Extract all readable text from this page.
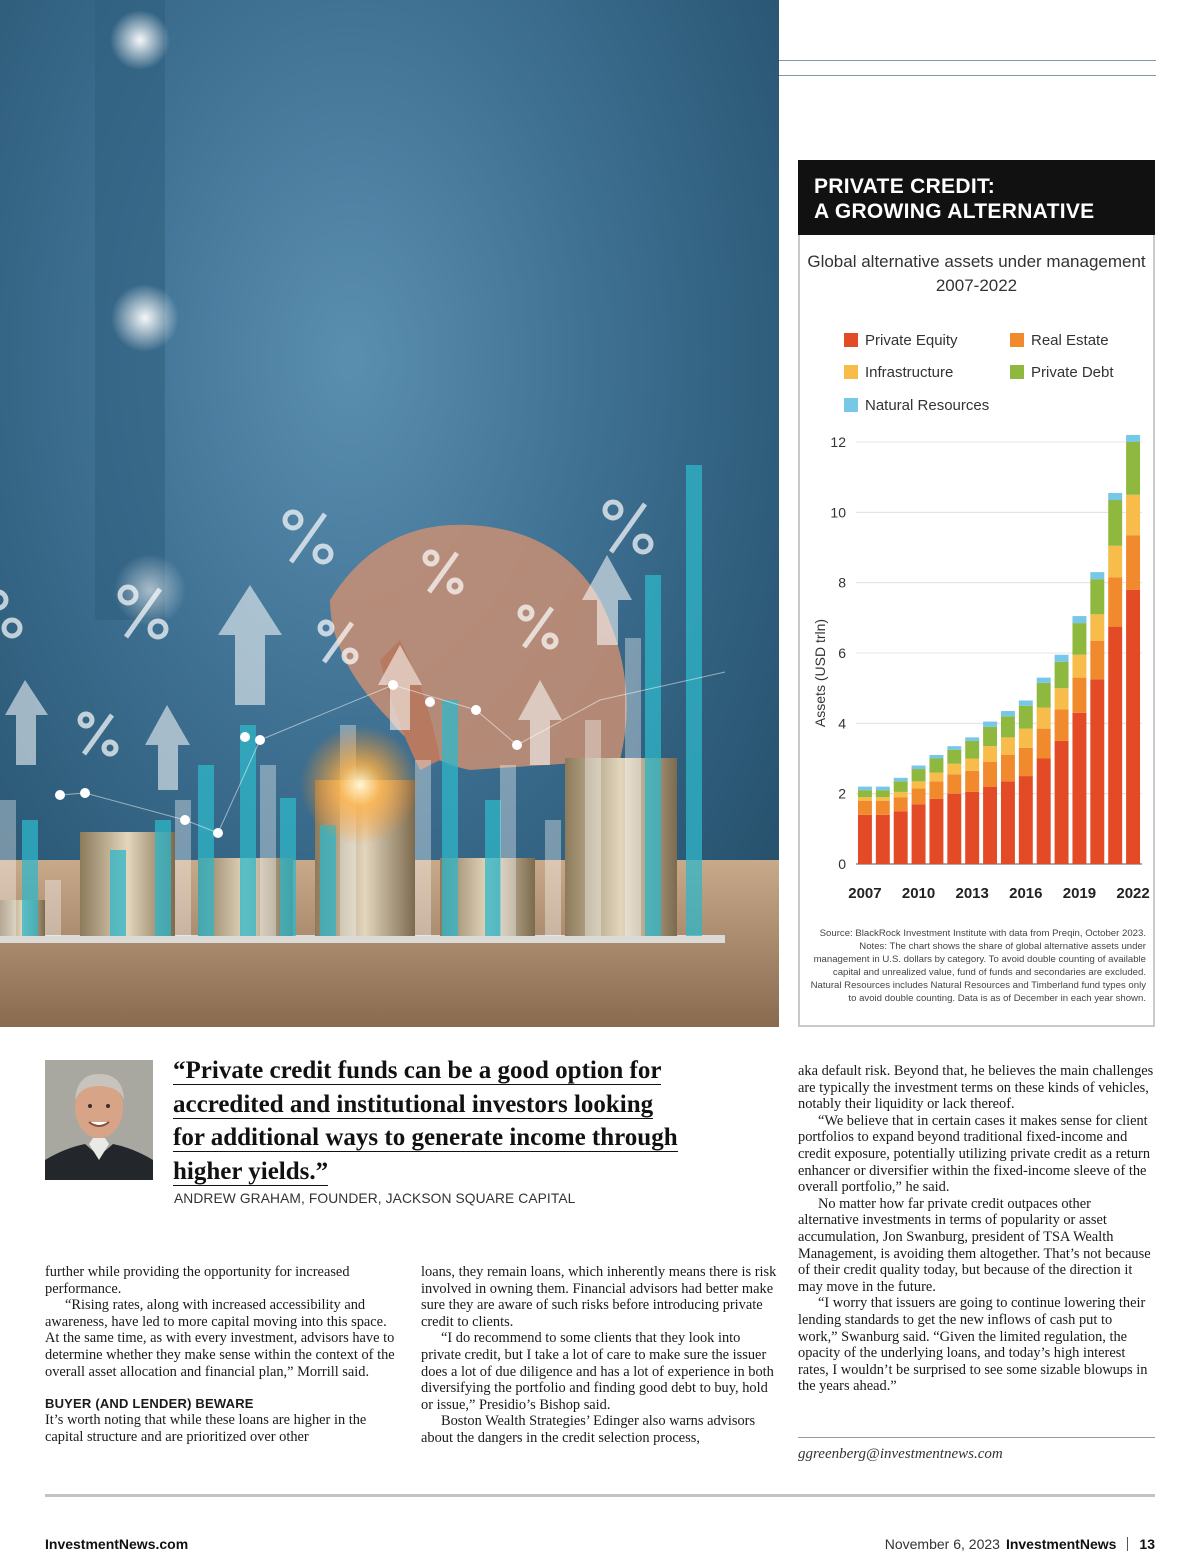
PRIVATE CREDIT:
A GROWING ALTERNATIVE
Global alternative assets under management
2007-2022
Private Equity	Real Estate
Infrastructure	Private Debt
Natural Resources
0
2
4
6
8
10
12
Assets (USD trln)
2007 2010 2013 2016 2019 2022
Source: BlackRock Investment Institute with data from Preqin, October 2023.
Notes: The chart shows the share of global alternative assets under management in U.S. dollars by category. To avoid double counting of available capital and unrealized value, fund of funds and secondaries are excluded. Natural Resources includes Natural Resources and Timberland fund types only to avoid double counting. Data is as of December in each year shown.
“Private credit funds can be a good option for
accredited and institutional investors looking
for additional ways to generate income through
higher yields.”
ANDREW GRAHAM, FOUNDER, JACKSON SQUARE CAPITAL

further while providing the opportunity for increased performance.

“Rising rates, along with increased accessibility and awareness, have led to more capital moving into this space. At the same time, as with every investment, advisors have to determine whether they make sense within the context of the overall asset allocation and financial plan,” Morrill said.

BUYER (AND LENDER) BEWARE

It’s worth noting that while these loans are higher in the capital structure and are prioritized over other

loans, they remain loans, which inherently means there is risk involved in owning them. Financial advisors had better make sure they are aware of such risks before introducing private credit to clients.

“I do recommend to some clients that they look into private credit, but I take a lot of care to make sure the issuer does a lot of due diligence and has a lot of experience in both diversifying the portfolio and finding good debt to buy, hold or issue,” Presidio’s Bishop said.

Boston Wealth Strategies’ Edinger also warns advisors about the dangers in the credit selection process,

aka default risk. Beyond that, he believes the main challenges are typically the investment terms on these kinds of vehicles, notably their liquidity or lack thereof.

“We believe that in certain cases it makes sense for client portfolios to expand beyond traditional fixed-income and credit exposure, potentially utilizing private credit as a return enhancer or diversifier within the fixed-income sleeve of the overall portfolio,” he said.

No matter how far private credit outpaces other alternative investments in terms of popularity or asset accumulation, Jon Swanburg, president of TSA Wealth Management, is avoiding them altogether. That’s not because of their credit quality today, but because of the direction it may move in the future.

“I worry that issuers are going to continue lowering their lending standards to get the new inflows of cash put to work,” Swanburg said. “Given the limited regulation, the opacity of the underlying loans, and today’s high interest rates, I wouldn’t be surprised to see some sizable blowups in the years ahead.”

ggreenberg@investmentnews.com
InvestmentNews.com	November 6, 2023 InvestmentNews 13
